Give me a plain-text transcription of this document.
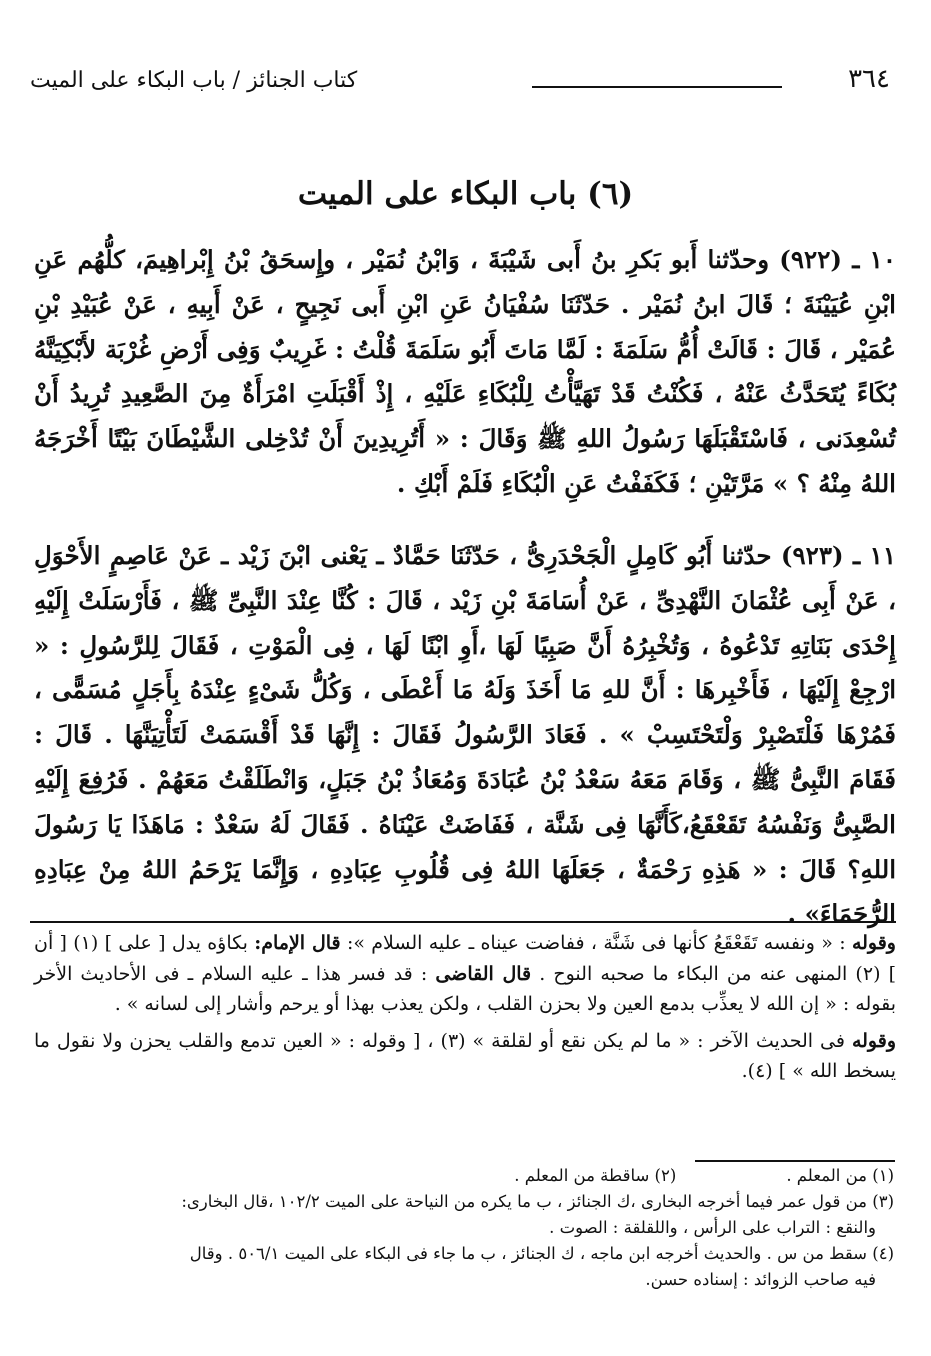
٣٦٤
كتاب الجنائز / باب البكاء على الميت
(٦) باب البكاء على الميت

١٠ ـ (٩٢٢) وحدّثنا أَبو بَكرِ بنُ أَبى شَيْبَةَ ، وَابْنُ نُمَيْر ، وإِسحَقُ بْنُ إِبْراهِيمَ، كلُّهُم عَنِ ابْنِ عُيَيْنَةَ ؛ قَالَ ابنُ نُمَيْر . حَدّثَنَا سُفْيَانُ عَنِ ابْنِ أَبى نَجِيحٍ ، عَنْ أَبِيهِ ، عَنْ عُبَيْدِ بْنِ عُمَيْر ، قَالَ : قَالَتْ أُمُّ سَلَمَةَ : لَمَّا مَاتَ أَبُو سَلَمَةَ قُلْتُ : غَرِيبٌ وَفِى أَرْضِ غُرْبَة لأَبْكِيَنَّهُ بُكَاءً يُتَحَدَّثُ عَنْهُ ، فَكُنْتُ قَدْ تَهَيَّأْتُ لِلْبُكَاءِ عَلَيْهِ ، إِذْ أَقْبَلَتِ امْرَأَةٌ مِنَ الصَّعِيدِ تُرِيدُ أَنْ تُسْعِدَنى ، فَاسْتَقْبَلَهَا رَسُولُ اللهِ ﷺ وَقَالَ : « أَتُرِيدِينَ أَنْ تُدْخِلى الشَّيْطَانَ بَيْتًا أَخْرَجَهُ اللهُ مِنْهُ ؟ » مَرَّتَيْنِ ؛ فَكَفَفْتُ عَنِ الْبُكَاءِ فَلَمْ أَبْكِ .

١١ ـ (٩٢٣) حدّثنا أَبُو كَامِلٍ الْجَحْدَرِىُّ ، حَدّثَنَا حَمَّادٌ ـ يَعْنى ابْنَ زَيْد ـ عَنْ عَاصِمٍ الأَحْوَلِ ، عَنْ أَبِى عُثْمَانَ النَّهْدِىِّ ، عَنْ أُسَامَةَ بْنِ زَيْد ، قَالَ : كُنَّا عِنْدَ النَّبِىِّ ﷺ ، فَأَرْسَلَتْ إِلَيْهِ إِحْدَى بَنَاتِهِ تَدْعُوهُ ، وَتُخْبِرُهُ أَنَّ صَبِيًا لَهَا ،أَوِ ابْنًا لَهَا ، فِى الْمَوْتِ ، فَقَالَ لِلرَّسُولِ : « ارْجِعْ إِلَيْهَا ، فَأَخْبِرهَا : أَنَّ للهِ مَا أَخَذَ وَلَهُ مَا أَعْطَى ، وَكُلُّ شَىْءٍ عِنْدَهُ بِأَجَلٍ مُسَمًّى ، فَمُرْهَا فَلْتَصْبِرْ وَلْتَحْتَسِبْ » . فَعَادَ الرَّسُولُ فَقَالَ : إِنَّهَا قَدْ أَقْسَمَتْ لَتَأْتِيَنَّهَا . قَالَ : فَقَامَ النَّبِىُّ ﷺ ، وَقَامَ مَعَهُ سَعْدُ بْنُ عُبَادَةَ وَمُعَاذُ بْنُ جَبَلٍ، وَانْطَلَقْتُ مَعَهُمْ . فَرُفِعَ إِلَيْهِ الصَّبِىُّ وَنَفْسُهُ تَقَعْقَعُ،كَأَنَّهَا فِى شَنَّة ، فَفَاضَتْ عَيْنَاهُ . فَقَالَ لَهُ سَعْدٌ : مَاهَذَا يَا رَسُولَ اللهِ؟ قَالَ : « هَذِهِ رَحْمَةٌ ، جَعَلَهَا اللهُ فِى قُلُوبِ عِبَادِهِ ، وَإِنَّمَا يَرْحَمُ اللهُ مِنْ عِبَادِهِ الرُّحَمَاءَ» .

وقوله : « ونفسه تَقَعْقَعُ كأنها فى شَنَّة ، ففاضت عيناه ـ عليه السلام »: قال الإمام: بكاؤه يدل [ على ] (١) [ أن ] (٢) المنهى عنه من البكاء ما صحبه النوح . قال القاضى : قد فسر هذا ـ عليه السلام ـ فى الأحاديث الأخر بقوله : « إن الله لا يعذِّب بدمع العين ولا بحزن القلب ، ولكن يعذب بهذا أو يرحم وأشار إلى لسانه » .

وقوله فى الحديث الآخر : « ما لم يكن نقع أو لقلقة » (٣) ، [ وقوله : « العين تدمع والقلب يحزن ولا نقول ما يسخط الله » ] (٤).

(١) من المعلم .
(٢) ساقطة من المعلم .

(٣) من قول عمر فيما أخرجه البخارى ،ك الجنائز ، ب ما يكره من النياحة على الميت ١٠٢/٢ ،قال البخارى:

والنقع : التراب على الرأس ، واللقلقة : الصوت .

(٤) سقط من س . والحديث أخرجه ابن ماجه ، ك الجنائز ، ب ما جاء فى البكاء على الميت ٥٠٦/١ . وقال

فيه صاحب الزوائد : إسناده حسن.
